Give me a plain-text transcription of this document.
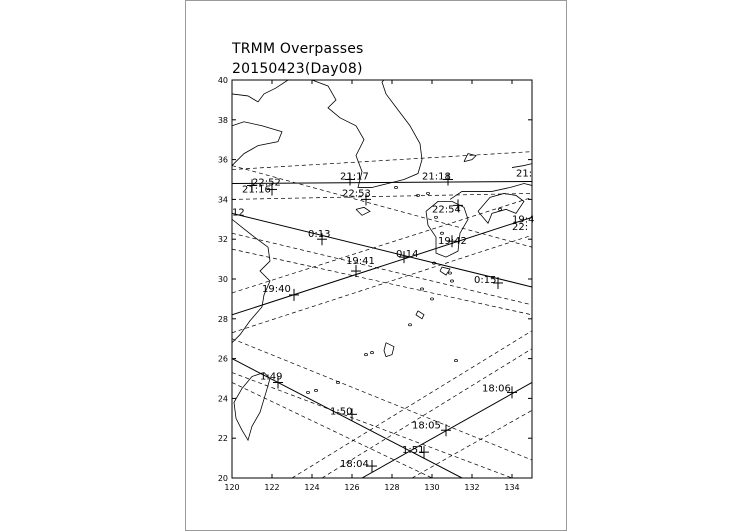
TRMM Overpasses
20150423(Day08)
22:52
21:16
12
21:17
22:53
21:18	21:
22:54
19:4
22:
0:13
19:42
0:14
19:41
0:15
19:40
1:49
18:06
1:50
18:05
1:51
18:04
120	122	124	126	128	130	132	134
20
22
24
26
28
30
32
34
36
38
40
